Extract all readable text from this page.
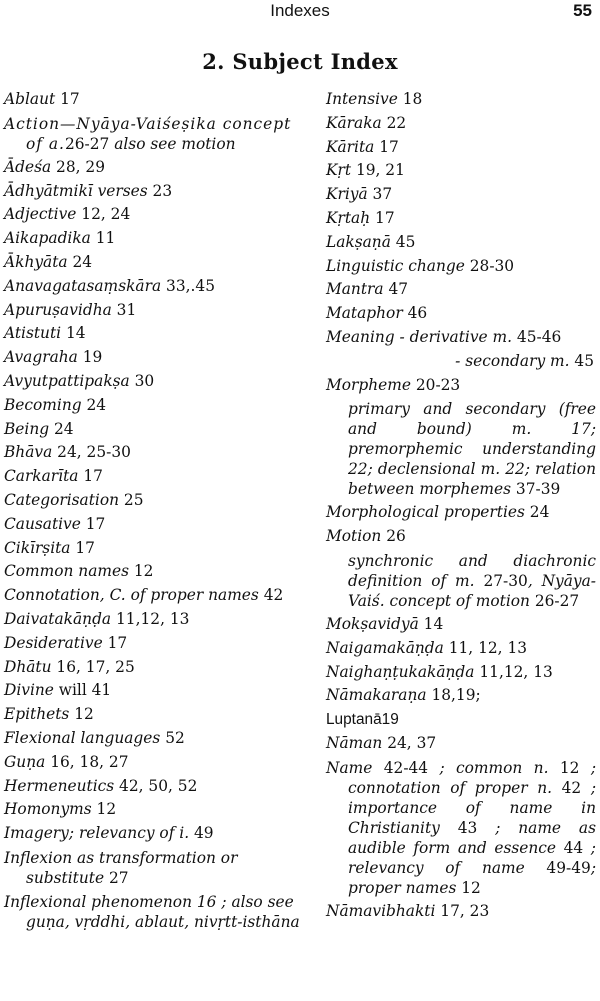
Indexes	55
2. Subject Index

Ablaut 17

Action—Nyāya-Vaiśeṣika concept of a.26-27 also see motion

Ādeśa 28, 29

Ādhyātmikī verses 23

Adjective 12, 24

Aikapadika 11

Ākhyāta 24

Anavagatasaṃskāra 33,.45

Apuruṣavidha 31

Atistuti 14

Avagraha 19

Avyutpattipakṣa 30

Becoming 24

Being 24

Bhāva 24, 25-30

Carkarīta 17

Categorisation 25

Causative 17

Cikīrṣita 17

Common names 12

Connotation, C. of proper names 42

Daivatakāṇḍa 11,12, 13

Desiderative 17

Dhātu 16, 17, 25

Divine will 41

Epithets 12

Flexional languages 52

Guṇa 16, 18, 27

Hermeneutics 42, 50, 52

Homonyms 12

Imagery; relevancy of i. 49

Inflexion as transformation or substitute 27

Inflexional phenomenon 16 ; also see guṇa, vṛddhi, ablaut, nivṛtt-isthāna

Intensive 18

Kāraka 22

Kārita 17

Kṛt 19, 21

Kriyā 37

Kṛtaḥ 17

Lakṣaṇā 45

Linguistic change 28-30

Mantra 47

Mataphor 46

Meaning - derivative m. 45-46

- secondary m. 45

Morpheme 20-23

primary and secondary (free and bound) m. 17; premorphemic understanding 22; declensional m. 22; relation between morphemes 37-39

Morphological properties 24

Motion 26

synchronic and diachronic definition of m. 27-30, Nyāya-Vaiś. concept of motion 26-27

Mokṣavidyā 14

Naigamakāṇḍa 11, 12, 13

Naighaṇṭukakāṇḍa 11,12, 13

Nāmakaraṇa 18,19;

Luptanā19

Nāman 24, 37

Name 42-44 ; common n. 12 ; connotation of proper n. 42 ; importance of name in Christianity 43 ; name as audible form and essence 44 ; relevancy of name 49-49; proper names 12

Nāmavibhakti 17, 23
